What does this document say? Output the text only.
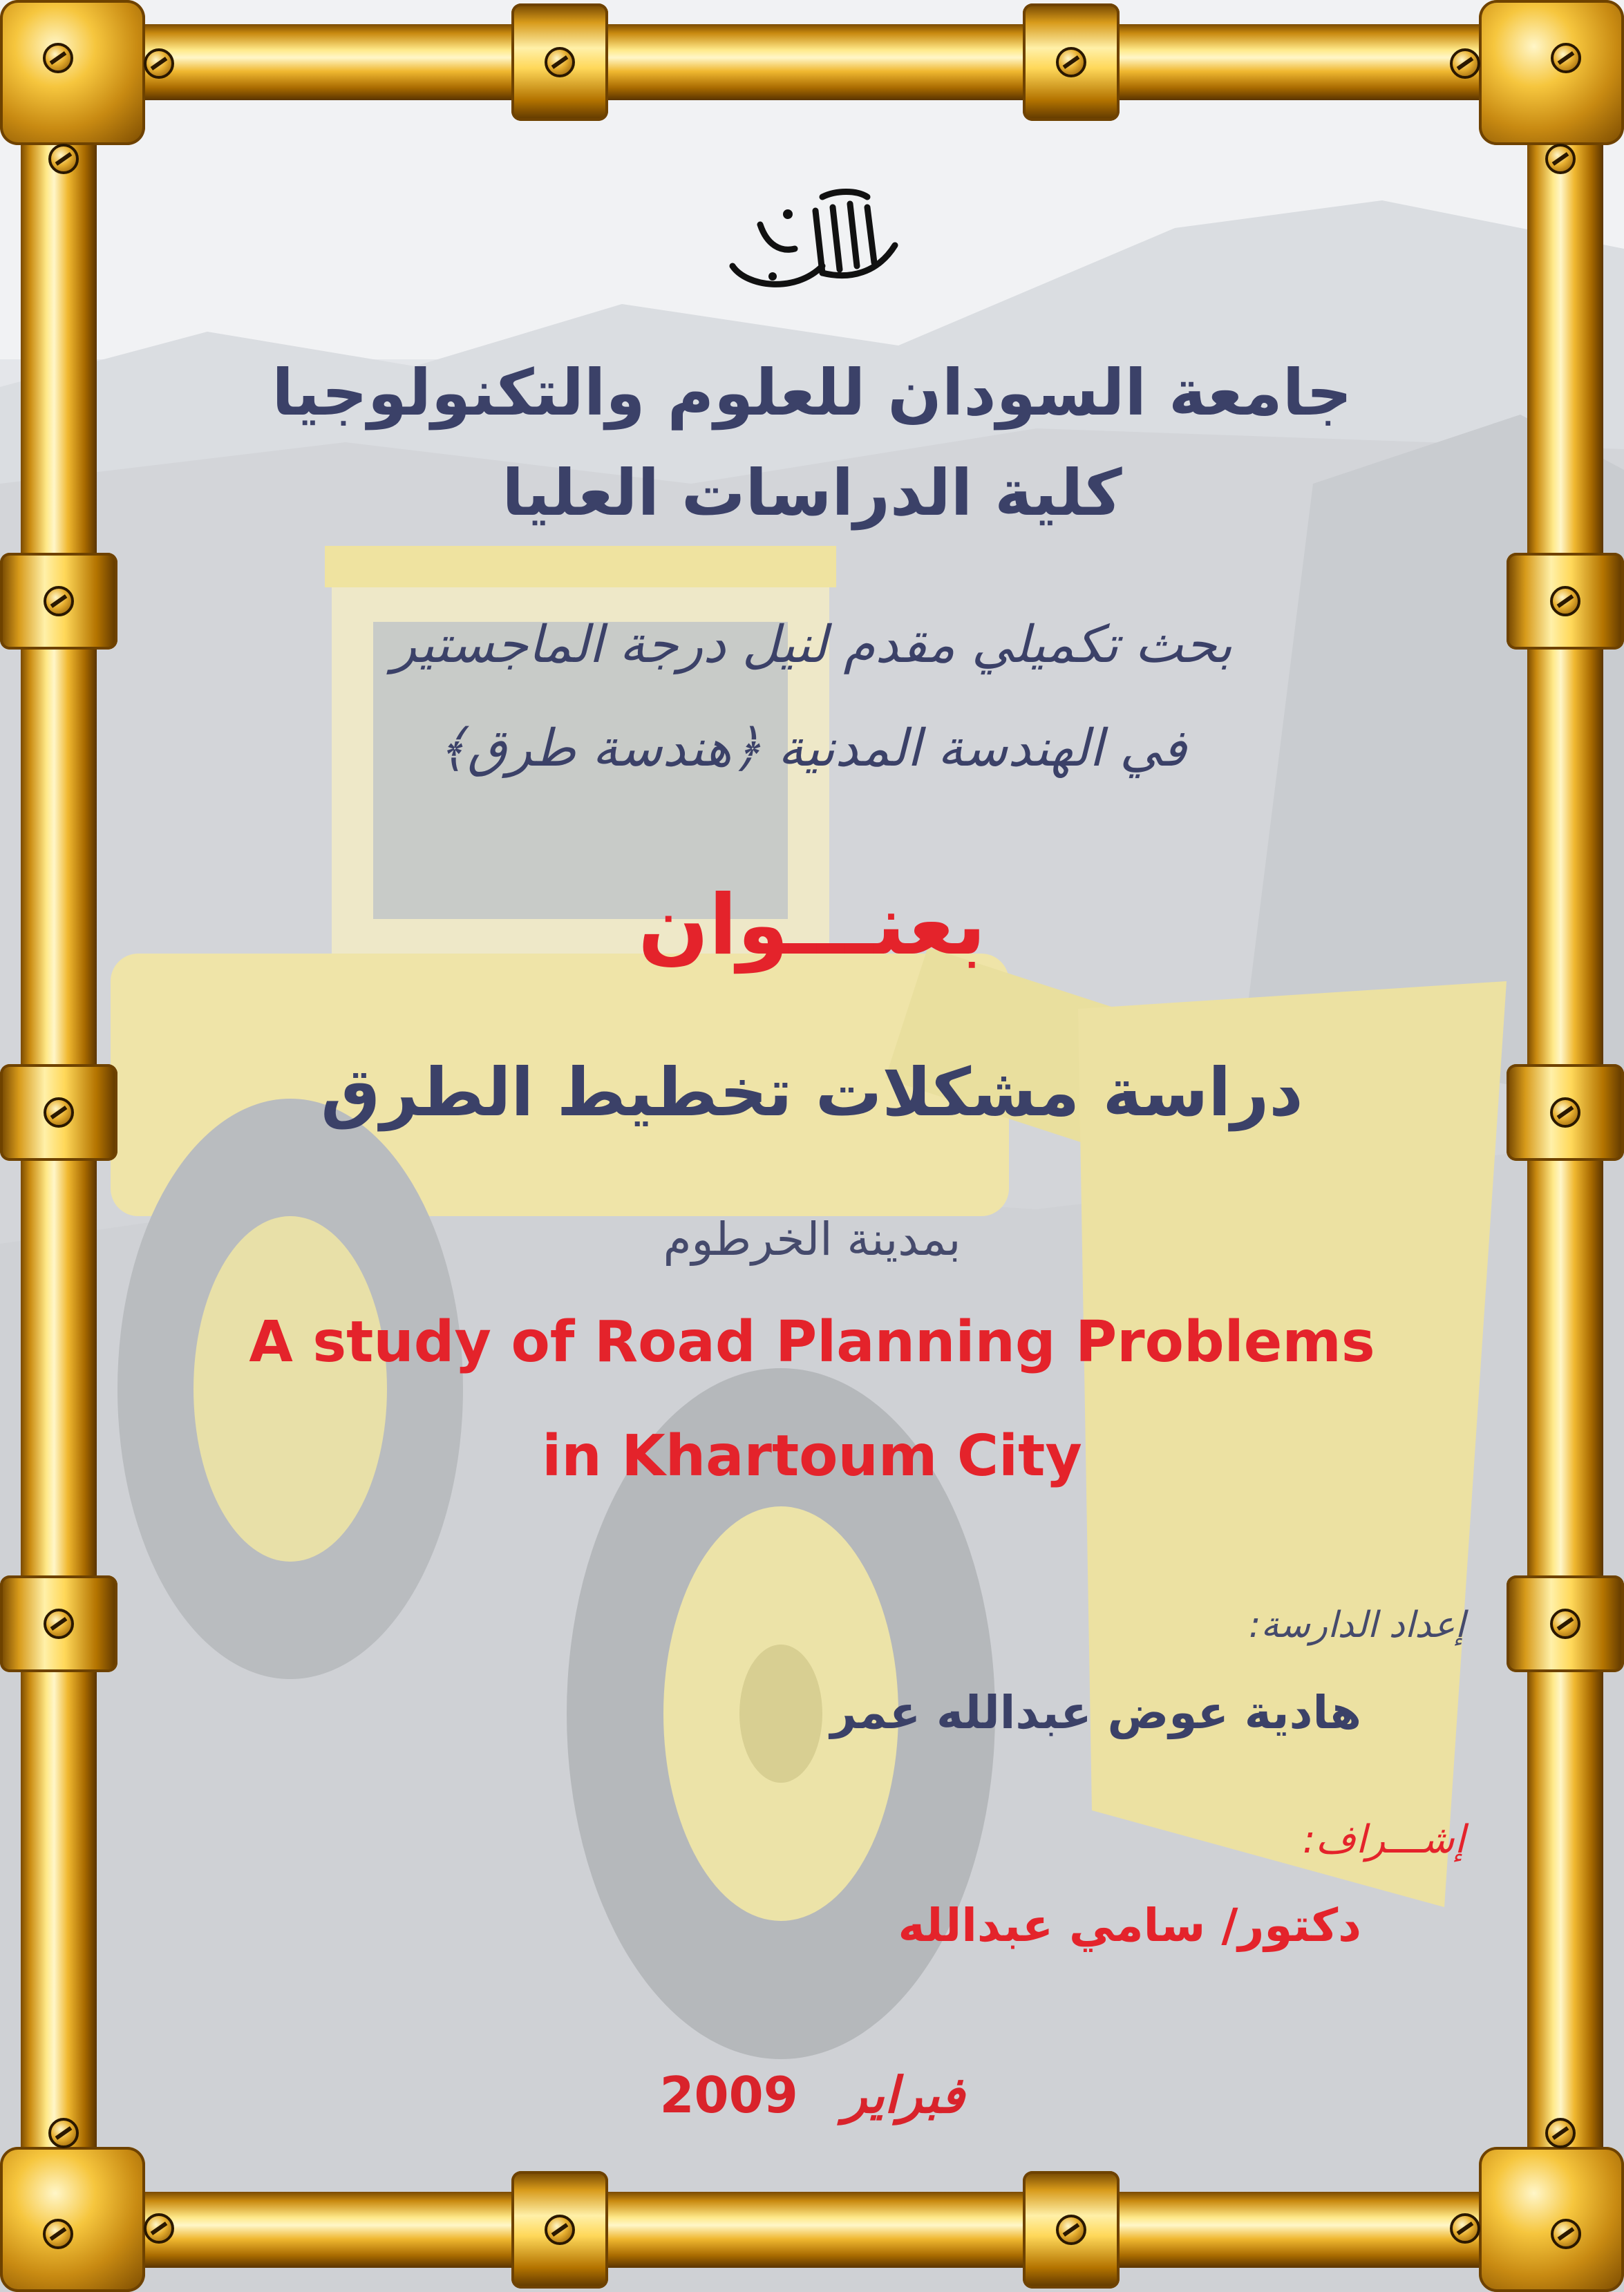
جامعة السودان للعلوم والتكنولوجيا
كلية الدراسات العليا
بحث تكميلي مقدم لنيل درجة الماجستير
في الهندسة المدنية ﴿هندسة طرق﴾
بعنـــوان
دراسة مشكلات تخطيط الطرق
بمدينة الخرطوم
A study of Road Planning Problems
in Khartoum City
إعداد الدارسة:
هادية عوض عبدالله عمر
إشـــراف:
دكتور/ سامي عبدالله
2009 فبراير
